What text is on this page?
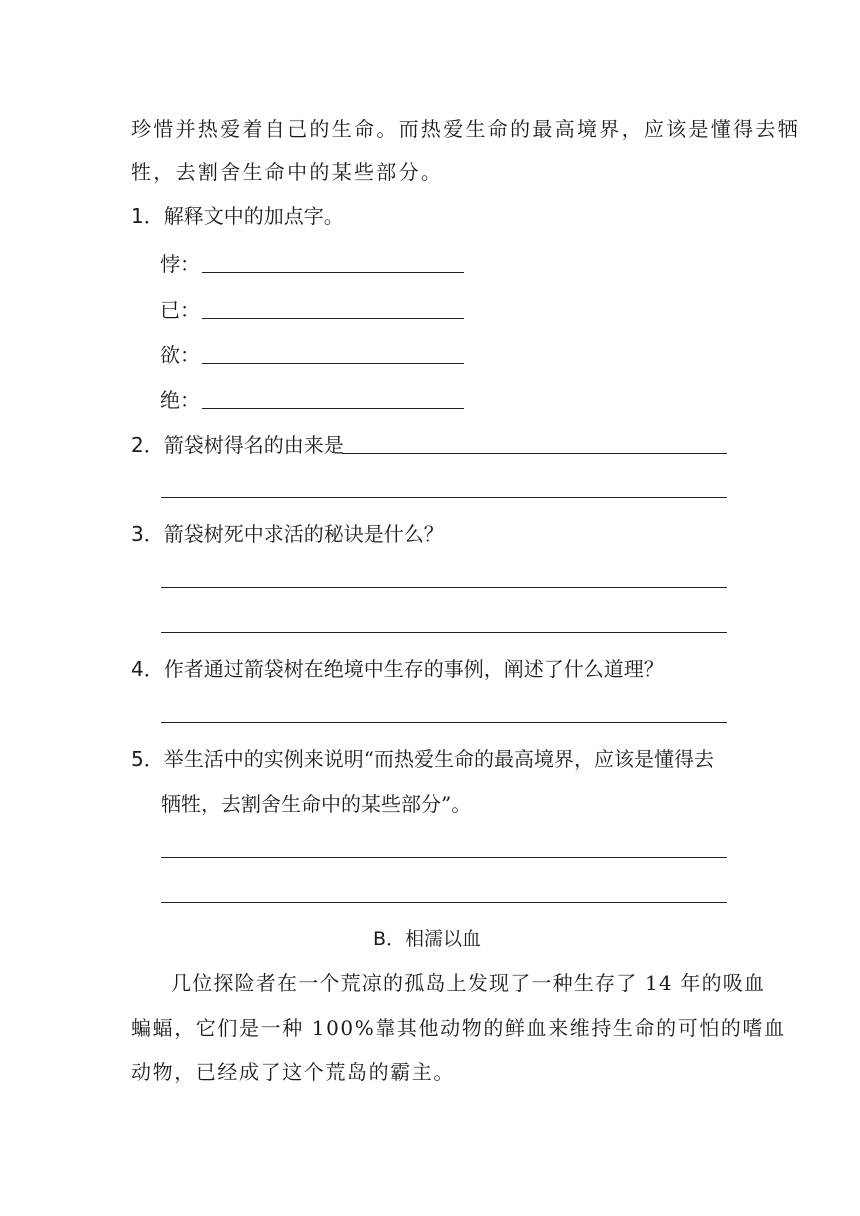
珍惜并热爱着自己的生命。而热爱生命的最高境界，应该是懂得去牺
牲，去割舍生命中的某些部分。
1．解释文中的加点字。
悖：
已：
欲：
绝：
2．箭袋树得名的由来是
3．箭袋树死中求活的秘诀是什么？
4．作者通过箭袋树在绝境中生存的事例，阐述了什么道理？
5．举生活中的实例来说明“而热爱生命的最高境界，应该是懂得去
牺牲，去割舍生命中的某些部分”。
B．相濡以血
几位探险者在一个荒凉的孤岛上发现了一种生存了 14 年的吸血
蝙蝠，它们是一种 100%靠其他动物的鲜血来维持生命的可怕的嗜血
动物，已经成了这个荒岛的霸主。
